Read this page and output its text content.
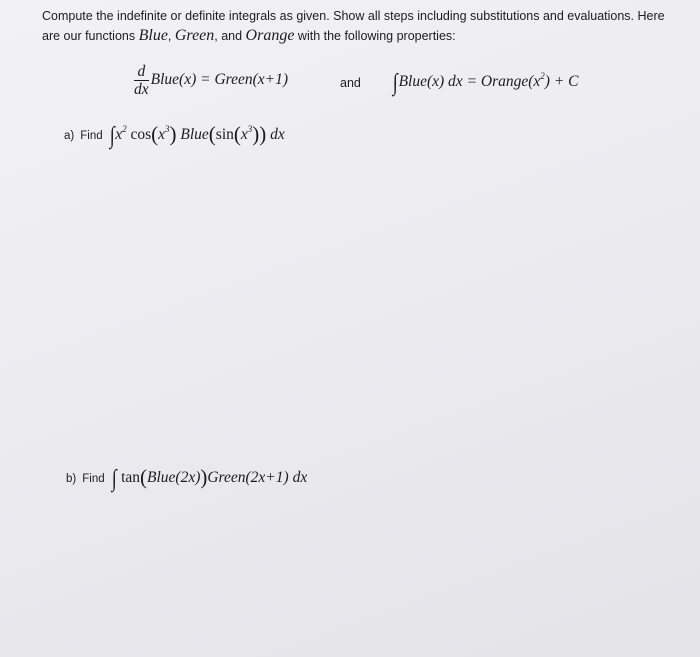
Compute the indefinite or definite integrals as given. Show all steps including substitutions and evaluations. Here are our functions Blue, Green, and Orange with the following properties:
$\frac{d}{dx}$ Blue(x) = Green(x+1)	and ∫Blue(x) dx = $Orange(x^2) + C$
a) Find $\int x^2$ $\cos(x^3)$ $Blue(\sin(x^3))$ dx
b) Find ∫ tan(Blue(2x))Green(2x+1) dx
